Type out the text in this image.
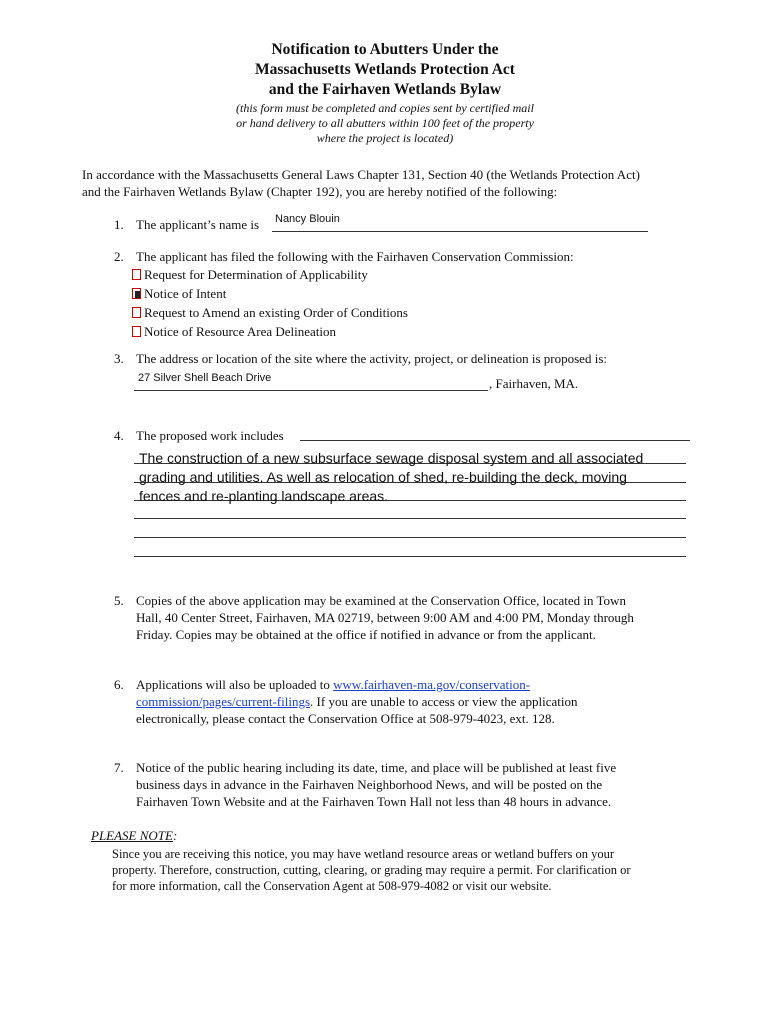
Notification to Abutters Under the
Massachusetts Wetlands Protection Act
and the Fairhaven Wetlands Bylaw
(this form must be completed and copies sent by certified mail
or hand delivery to all abutters within 100 feet of the property
where the project is located)
In accordance with the Massachusetts General Laws Chapter 131, Section 40 (the Wetlands Protection Act)
and the Fairhaven Wetlands Bylaw (Chapter 192), you are hereby notified of the following:
1. The applicant’s name is Nancy Blouin
2. The applicant has filed the following with the Fairhaven Conservation Commission:
Request for Determination of Applicability
Notice of Intent
Request to Amend an existing Order of Conditions
Notice of Resource Area Delineation
3. The address or location of the site where the activity, project, or delineation is proposed is:
27 Silver Shell Beach Drive	, Fairhaven, MA.
4. The proposed work includes
The construction of a new subsurface sewage disposal system and all associated
grading and utilities. As well as relocation of shed, re-building the deck, moving
fences and re-planting landscape areas.
5. Copies of the above application may be examined at the Conservation Office, located in Town
Hall, 40 Center Street, Fairhaven, MA 02719, between 9:00 AM and 4:00 PM, Monday through
Friday. Copies may be obtained at the office if notified in advance or from the applicant.
6. Applications will also be uploaded to www.fairhaven-ma.gov/conservation-
commission/pages/current-filings. If you are unable to access or view the application
electronically, please contact the Conservation Office at 508-979-4023, ext. 128.
7. Notice of the public hearing including its date, time, and place will be published at least five
business days in advance in the Fairhaven Neighborhood News, and will be posted on the
Fairhaven Town Website and at the Fairhaven Town Hall not less than 48 hours in advance.
PLEASE NOTE:
Since you are receiving this notice, you may have wetland resource areas or wetland buffers on your
property. Therefore, construction, cutting, clearing, or grading may require a permit. For clarification or
for more information, call the Conservation Agent at 508-979-4082 or visit our website.
